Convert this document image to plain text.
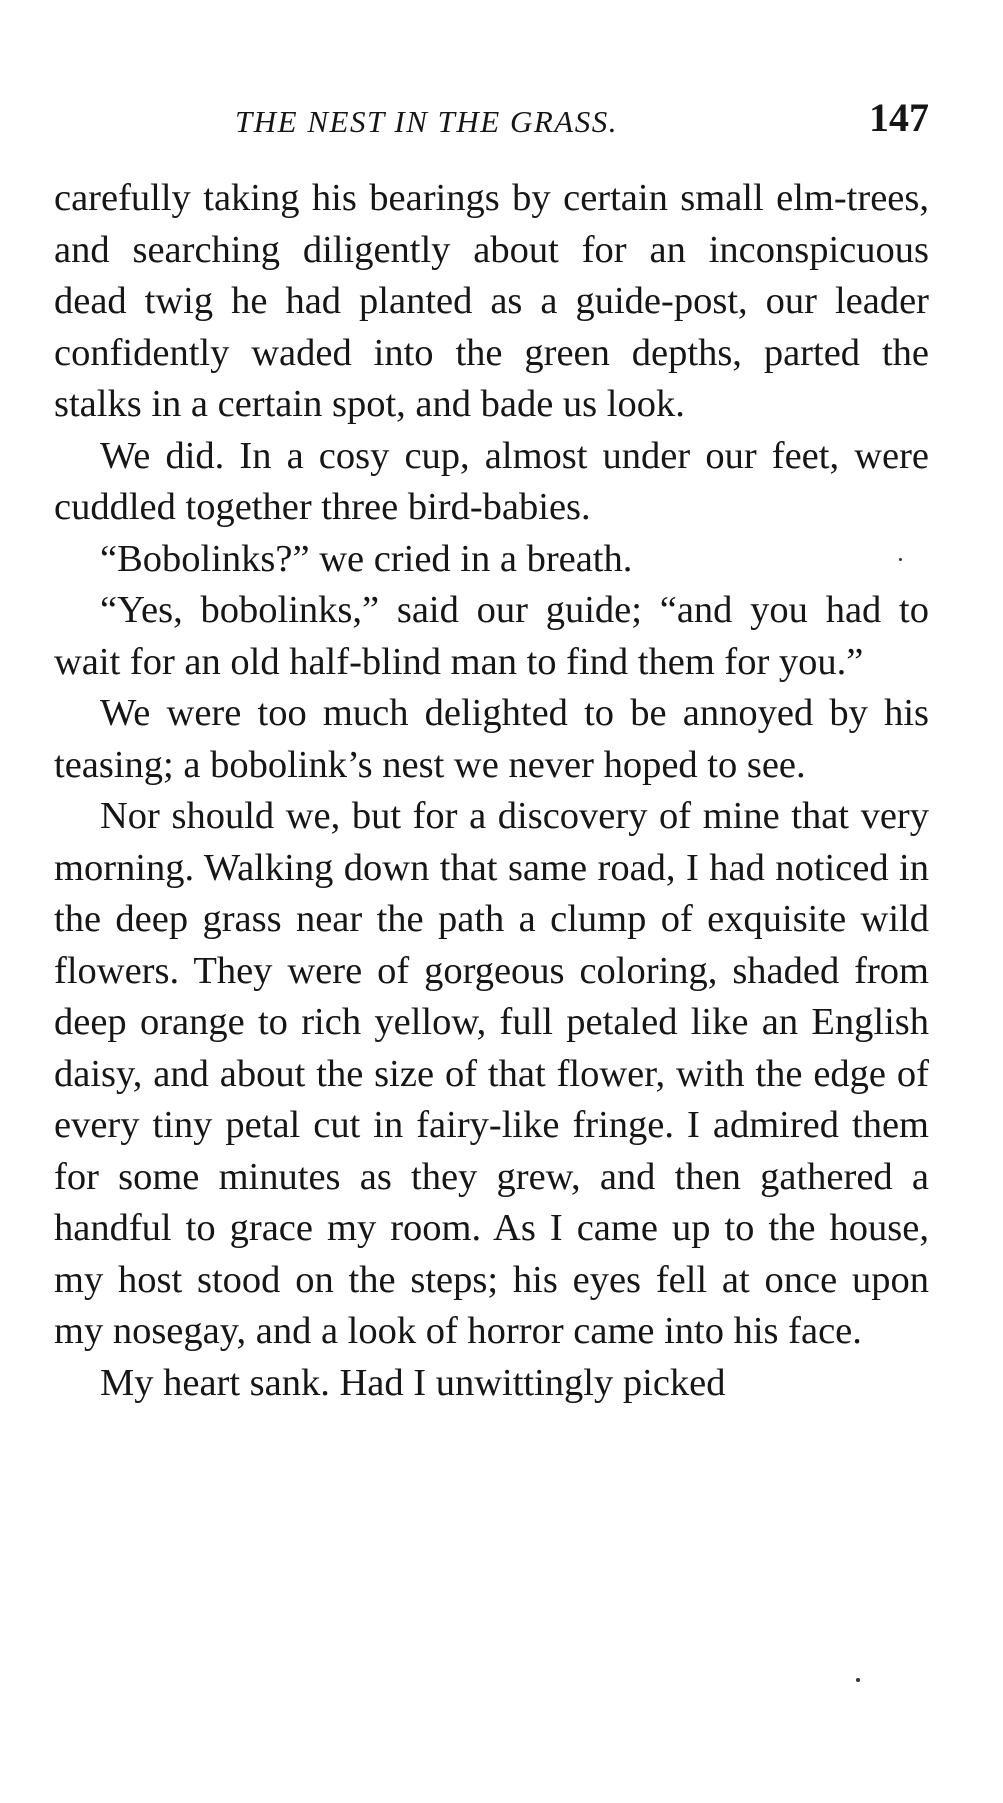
THE NEST IN THE GRASS.	147

carefully taking his bearings by certain small elm-trees, and searching diligently about for an inconspicuous dead twig he had planted as a guide-post, our leader confidently waded into the green depths, parted the stalks in a certain spot, and bade us look.

We did. In a cosy cup, almost under our feet, were cuddled together three bird-babies.

“Bobolinks?” we cried in a breath.

“Yes, bobolinks,” said our guide; “and you had to wait for an old half-blind man to find them for you.”

We were too much delighted to be annoyed by his teasing; a bobolink’s nest we never hoped to see.

Nor should we, but for a discovery of mine that very morning. Walking down that same road, I had noticed in the deep grass near the path a clump of exquisite wild flowers. They were of gorgeous coloring, shaded from deep orange to rich yellow, full petaled like an English daisy, and about the size of that flower, with the edge of every tiny petal cut in fairy-like fringe. I admired them for some minutes as they grew, and then gathered a handful to grace my room. As I came up to the house, my host stood on the steps; his eyes fell at once upon my nosegay, and a look of horror came into his face.

My heart sank. Had I unwittingly picked
